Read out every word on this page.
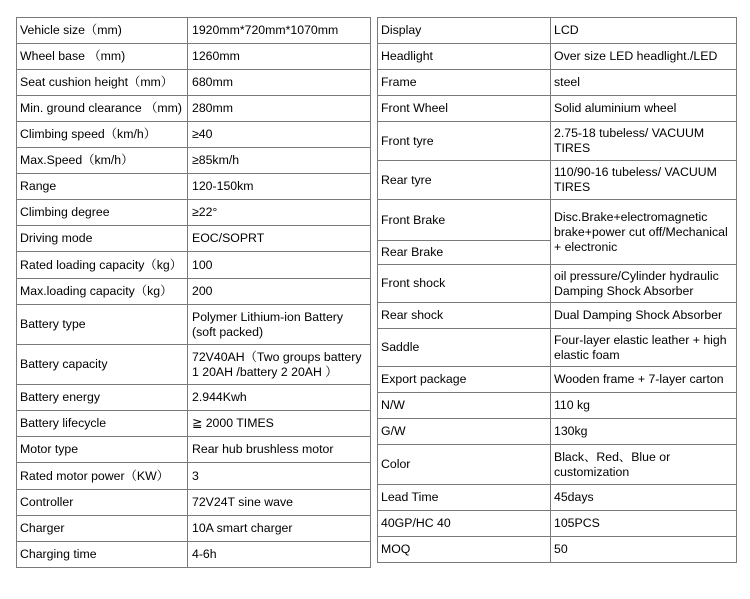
Vehicle size（mm)	1920mm*720mm*1070mm
Wheel base （mm)	1260mm
Seat cushion height（mm）	680mm
Min. ground clearance （mm)	280mm
Climbing speed（km/h）	≥40
Max.Speed（km/h）	≥85km/h
Range	120-150km
Climbing degree	≥22°
Driving mode	EOC/SOPRT
Rated loading capacity（kg）	100
Max.loading capacity（kg）	200
Battery type	Polymer Lithium-ion Battery (soft packed)
Battery capacity	72V40AH（Two groups battery 1 20AH /battery 2 20AH ）
Battery energy	2.944Kwh
Battery lifecycle	≧ 2000 TIMES
Motor type	Rear hub brushless motor
Rated motor power（KW）	3
Controller	72V24T sine wave
Charger	10A smart charger
Charging time	4-6h
Display	LCD
Headlight	Over size LED headlight./LED
Frame	steel
Front Wheel	Solid aluminium wheel
Front tyre	2.75-18 tubeless/ VACUUM TIRES
Rear tyre	110/90-16 tubeless/ VACUUM TIRES
Front Brake	Disc.Brake+electromagnetic brake+power cut off/Mechanical + electronic
Rear Brake	
Front shock	oil pressure/Cylinder hydraulic Damping Shock Absorber
Rear shock	Dual Damping Shock Absorber
Saddle	Four-layer elastic leather + high elastic foam
Export package	Wooden frame + 7-layer carton
N/W	110 kg
G/W	130kg
Color	Black、Red、Blue or customization
Lead Time	45days
40GP/HC 40	105PCS
MOQ	50
